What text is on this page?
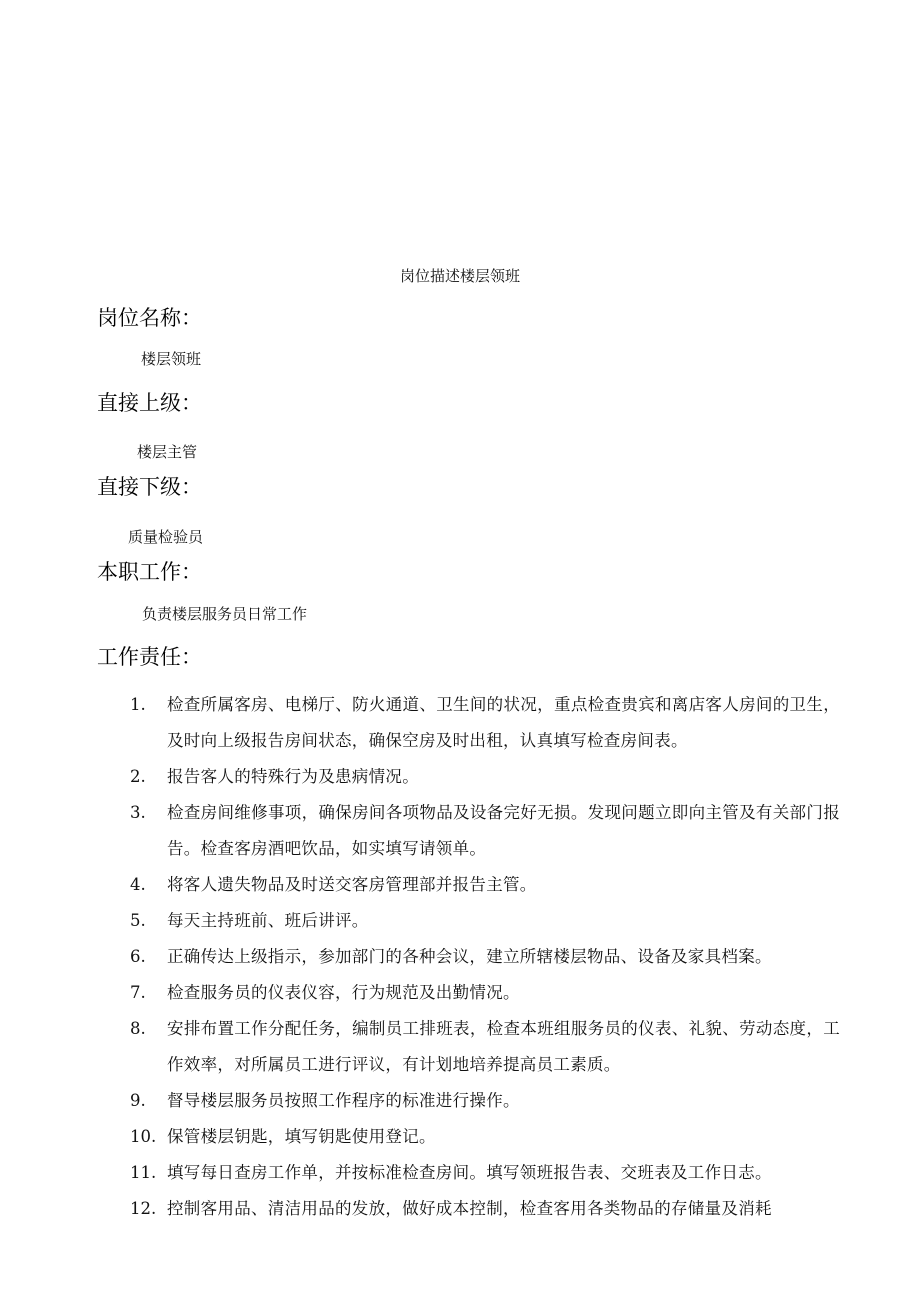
岗位描述楼层领班
岗位名称：
楼层领班
直接上级：
楼层主管
直接下级：
质量检验员
本职工作：
负责楼层服务员日常工作
工作责任：
1.	检查所属客房、电梯厅、防火通道、卫生间的状况，重点检查贵宾和离店客人房间的卫生，及时向上级报告房间状态，确保空房及时出租，认真填写检查房间表。
2.	报告客人的特殊行为及患病情况。
3.	检查房间维修事项，确保房间各项物品及设备完好无损。发现问题立即向主管及有关部门报告。检查客房酒吧饮品，如实填写请领单。
4.	将客人遗失物品及时送交客房管理部并报告主管。
5.	每天主持班前、班后讲评。
6.	正确传达上级指示，参加部门的各种会议，建立所辖楼层物品、设备及家具档案。
7.	检查服务员的仪表仪容，行为规范及出勤情况。
8.	安排布置工作分配任务，编制员工排班表，检查本班组服务员的仪表、礼貌、劳动态度，工作效率，对所属员工进行评议，有计划地培养提高员工素质。
9.	督导楼层服务员按照工作程序的标准进行操作。
10. 保管楼层钥匙，填写钥匙使用登记。
11. 填写每日查房工作单，并按标准检查房间。填写领班报告表、交班表及工作日志。
12. 控制客用品、清洁用品的发放，做好成本控制，检查客用各类物品的存储量及消耗
